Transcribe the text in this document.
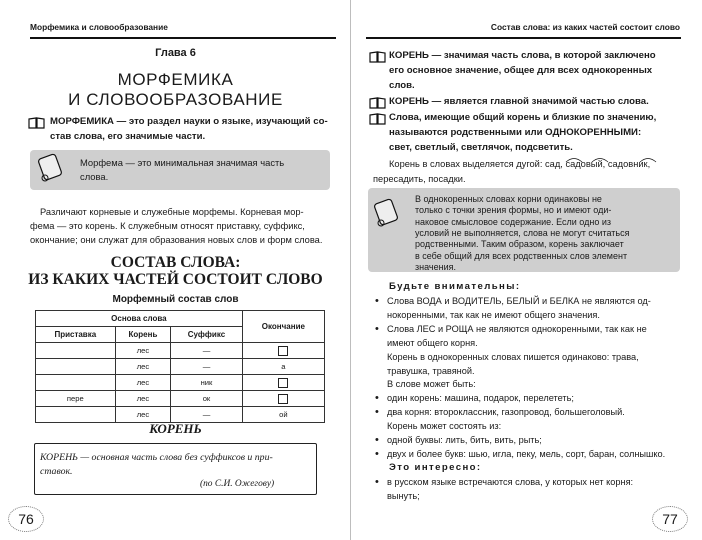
Морфемика и словообразование
Глава 6
МОРФЕМИКА
И СЛОВООБРАЗОВАНИЕ
МОРФЕМИКА — это раздел науки о языке, изучающий со-
став слова, его значимые части.
Морфема — это минимальная значимая часть
слова.
Различают корневые и служебные морфемы. Корневая мор-
фема — это корень. К служебным относят приставку, суффикс,
окончание; они служат для образования новых слов и форм слова.
СОСТАВ СЛОВА:
ИЗ КАКИХ ЧАСТЕЙ СОСТОИТ СЛОВО
Морфемный состав слов
Основа слова			Окончание
Приставка	Корень	Суффикс	
	лес	—	
	лес	—	а
	лес	ник	
пере	лес	ок	
	лес	—	ой
КОРЕНЬ
КОРЕНЬ — основная часть слова без суффиксов и при-
ставок.
(по С.И. Ожегову)
76
Состав слова: из каких частей состоит слово
КОРЕНЬ — значимая часть слова, в которой заключено
его основное значение, общее для всех однокоренных
слов.
КОРЕНЬ — является главной значимой частью слова.
Слова, имеющие общий корень и близкие по значению,
называются родственными или ОДНОКОРЕННЫМИ:
свет, светлый, светлячок, подсветить.
Корень в словах выделяется дугой: сад, садовый, садовник,
пересадить, посадки.
В однокоренных словах корни одинаковы не
только с точки зрения формы, но и имеют оди-
наковое смысловое содержание. Если одно из
условий не выполняется, слова не могут считаться
родственными. Таким образом, корень заключает
в себе общий для всех родственных слов элемент
значения.
Будьте внимательны:
• Слова ВОДА и ВОДИТЕЛЬ, БЕЛЫЙ и БЕЛКА не являются од-
нокоренными, так как не имеют общего значения.
• Слова ЛЕС и РОЩА не являются однокоренными, так как не
имеют общего корня.
Корень в однокоренных словах пишется одинаково: трава,
травушка, травяной.
В слове может быть:
• один корень: машина, подарок, перелететь;
• два корня: второклассник, газопровод, большеголовый.
Корень может состоять из:
• одной буквы: лить, бить, вить, рыть;
• двух и более букв: шью, игла, пеку, мель, сорт, баран, солнышко.
Это интересно:
• в русском языке встречаются слова, у которых нет корня:
вынуть;
77
